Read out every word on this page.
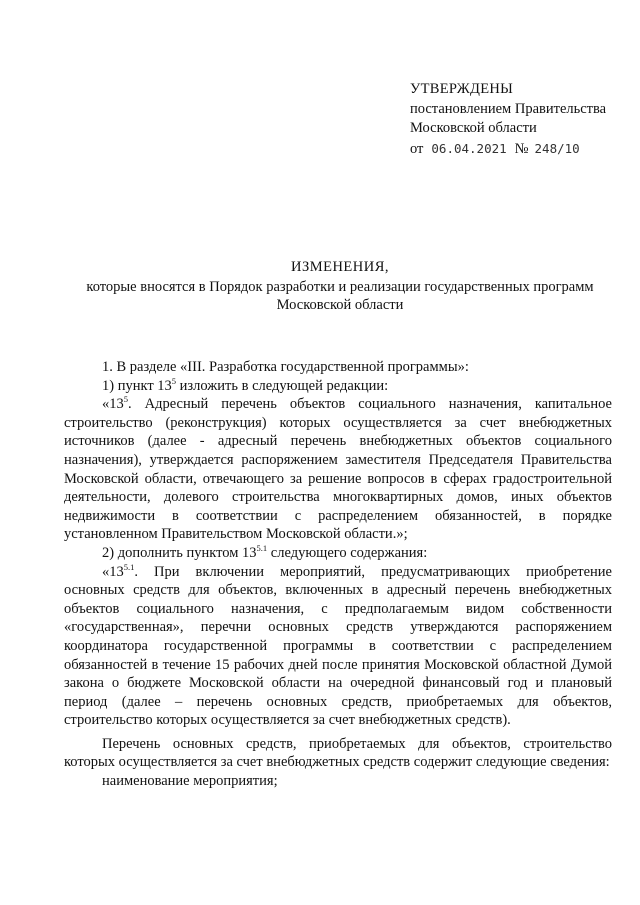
УТВЕРЖДЕНЫ
постановлением Правительства
Московской области
от 06.04.2021 № 248/10
ИЗМЕНЕНИЯ,
которые вносятся в Порядок разработки и реализации государственных программ
Московской области

1. В разделе «III. Разработка государственной программы»:

1) пункт $13^5$ изложить в следующей редакции:

«$13^5$. Адресный перечень объектов социального назначения, капитальное строительство (реконструкция) которых осуществляется за счет внебюджетных источников (далее - адресный перечень внебюджетных объектов социального назначения), утверждается распоряжением заместителя Председателя Правительства Московской области, отвечающего за решение вопросов в сферах градостроительной деятельности, долевого строительства многоквартирных домов, иных объектов недвижимости в соответствии с распределением обязанностей, в порядке установленном Правительством Московской области.»;

2) дополнить пунктом $13^{5.1}$ следующего содержания:

«$13^{5.1}$. При включении мероприятий, предусматривающих приобретение основных средств для объектов, включенных в адресный перечень внебюджетных объектов социального назначения, с предполагаемым видом собственности «государственная», перечни основных средств утверждаются распоряжением координатора государственной программы в соответствии с распределением обязанностей в течение 15 рабочих дней после принятия Московской областной Думой закона о бюджете Московской области на очередной финансовый год и плановый период (далее – перечень основных средств, приобретаемых для объектов, строительство которых осуществляется за счет внебюджетных средств).

Перечень основных средств, приобретаемых для объектов, строительство которых осуществляется за счет внебюджетных средств содержит следующие сведения:

наименование мероприятия;
